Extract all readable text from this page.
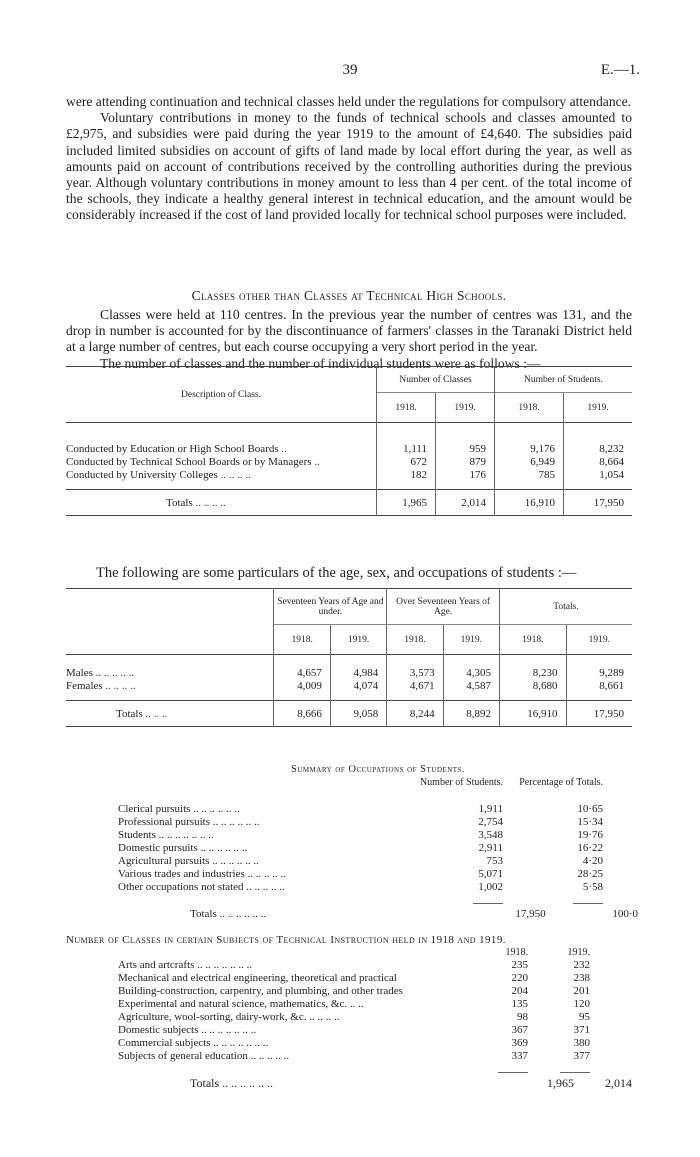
39	E.—1.

were attending continuation and technical classes held under the regulations for compulsory attendance.

Voluntary contributions in money to the funds of technical schools and classes amounted to £2,975, and subsidies were paid during the year 1919 to the amount of £4,640. The subsidies paid included limited subsidies on account of gifts of land made by local effort during the year, as well as amounts paid on account of contributions received by the controlling authorities during the previous year. Although voluntary contributions in money amount to less than 4 per cent. of the total income of the schools, they indicate a healthy general interest in technical education, and the amount would be considerably increased if the cost of land provided locally for technical school purposes were included.

Classes other than Classes at Technical High Schools.

Classes were held at 110 centres. In the previous year the number of centres was 131, and the drop in number is accounted for by the discontinuance of farmers' classes in the Taranaki District held at a large number of centres, but each course occupying a very short period in the year.

The number of classes and the number of individual students were as follows :—

Description of Class.	Number of Classes		Number of Students.	
	1918.	1919.	1918.	1919.

Conducted by Education or High School Boards ..	1,111	959	9,176	8,232
Conducted by Technical School Boards or by Managers ..	672	879	6,949	8,664
Conducted by University Colleges .. .. .. ..	182	176	785	1,054

Totals .. .. .. ..	1,965	2,014	16,910	17,950
The following are some particulars of the age, sex, and occupations of students :—
	Seventeen Years of Age and under.		Over Seventeen Years of Age.		Totals.	
	1918.	1919.	1918.	1919.	1918.	1919.

Males .. .. .. .. ..	4,657	4,984	3,573	4,305	8,230	9,289
Females .. .. .. ..	4,009	4,074	4,671	4,587	8,680	8,661

Totals .. .. ..	8,666	9,058	8,244	8,892	16,910	17,950
Summary of Occupations of Students.
Number of Students.	Percentage of Totals.
Clerical pursuits .. .. .. .. .. ..	1,911	10·65
Professional pursuits .. .. .. .. .. ..	2,754	15·34
Students .. .. .. .. .. .. ..	3,548	19·76
Domestic pursuits .. .. .. .. .. ..	2,911	16·22
Agricultural pursuits .. .. .. .. .. ..	753	4·20
Various trades and industries .. .. .. .. ..	5,071	28·25
Other occupations not stated .. .. .. .. ..	1,002	5·58
Totals .. .. .. .. .. ..	17,950	100·0
Number of Classes in certain Subjects of Technical Instruction held in 1918 and 1919.
1918.	1919.
Arts and artcrafts .. .. .. .. .. .. ..	235	232
Mechanical and electrical engineering, theoretical and practical	220	238
Building-construction, carpentry, and plumbing, and other trades	204	201
Experimental and natural science, mathematics, &c. .. ..	135	120
Agriculture, wool-sorting, dairy-work, &c. .. .. .. ..	98	95
Domestic subjects .. .. .. .. .. .. ..	367	371
Commercial subjects .. .. .. .. .. .. ..	369	380
Subjects of general education .. .. .. .. ..	337	377
Totals .. .. .. .. .. ..	1,965	2,014
